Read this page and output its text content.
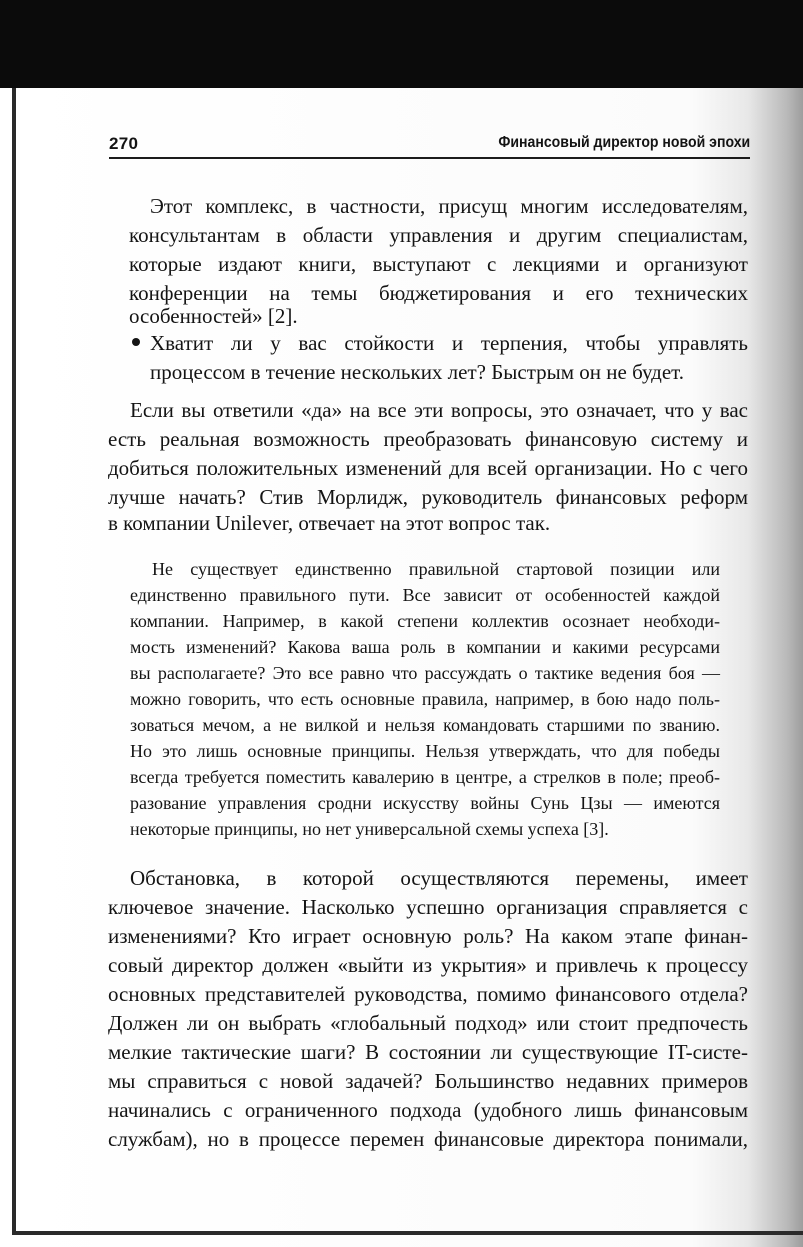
270	Финансовый директор новой эпохи
Этот комплекс, в частности, присущ многим исследователям,
консультантам в области управления и другим специалистам,
которые издают книги, выступают с лекциями и организуют
конференции на темы бюджетирования и его технических
особенностей» [2].
Хватит ли у вас стойкости и терпения, чтобы управлять
процессом в течение нескольких лет? Быстрым он не будет.
Если вы ответили «да» на все эти вопросы, это означает, что у вас
есть реальная возможность преобразовать финансовую систему и
добиться положительных изменений для всей организации. Но с чего
лучше начать? Стив Морлидж, руководитель финансовых реформ
в компании Unilever, отвечает на этот вопрос так.
Не существует единственно правильной стартовой позиции или
единственно правильного пути. Все зависит от особенностей каждой
компании. Например, в какой степени коллектив осознает необходи-
мость изменений? Какова ваша роль в компании и какими ресурсами
вы располагаете? Это все равно что рассуждать о тактике ведения боя —
можно говорить, что есть основные правила, например, в бою надо поль-
зоваться мечом, а не вилкой и нельзя командовать старшими по званию.
Но это лишь основные принципы. Нельзя утверждать, что для победы
всегда требуется поместить кавалерию в центре, а стрелков в поле; преоб-
разование управления сродни искусству войны Сунь Цзы — имеются
некоторые принципы, но нет универсальной схемы успеха [3].
Обстановка, в которой осуществляются перемены, имеет
ключевое значение. Насколько успешно организация справляется с
изменениями? Кто играет основную роль? На каком этапе финан-
совый директор должен «выйти из укрытия» и привлечь к процессу
основных представителей руководства, помимо финансового отдела?
Должен ли он выбрать «глобальный подход» или стоит предпочесть
мелкие тактические шаги? В состоянии ли существующие IT-систе-
мы справиться с новой задачей? Большинство недавних примеров
начинались с ограниченного подхода (удобного лишь финансовым
службам), но в процессе перемен финансовые директора понимали,
